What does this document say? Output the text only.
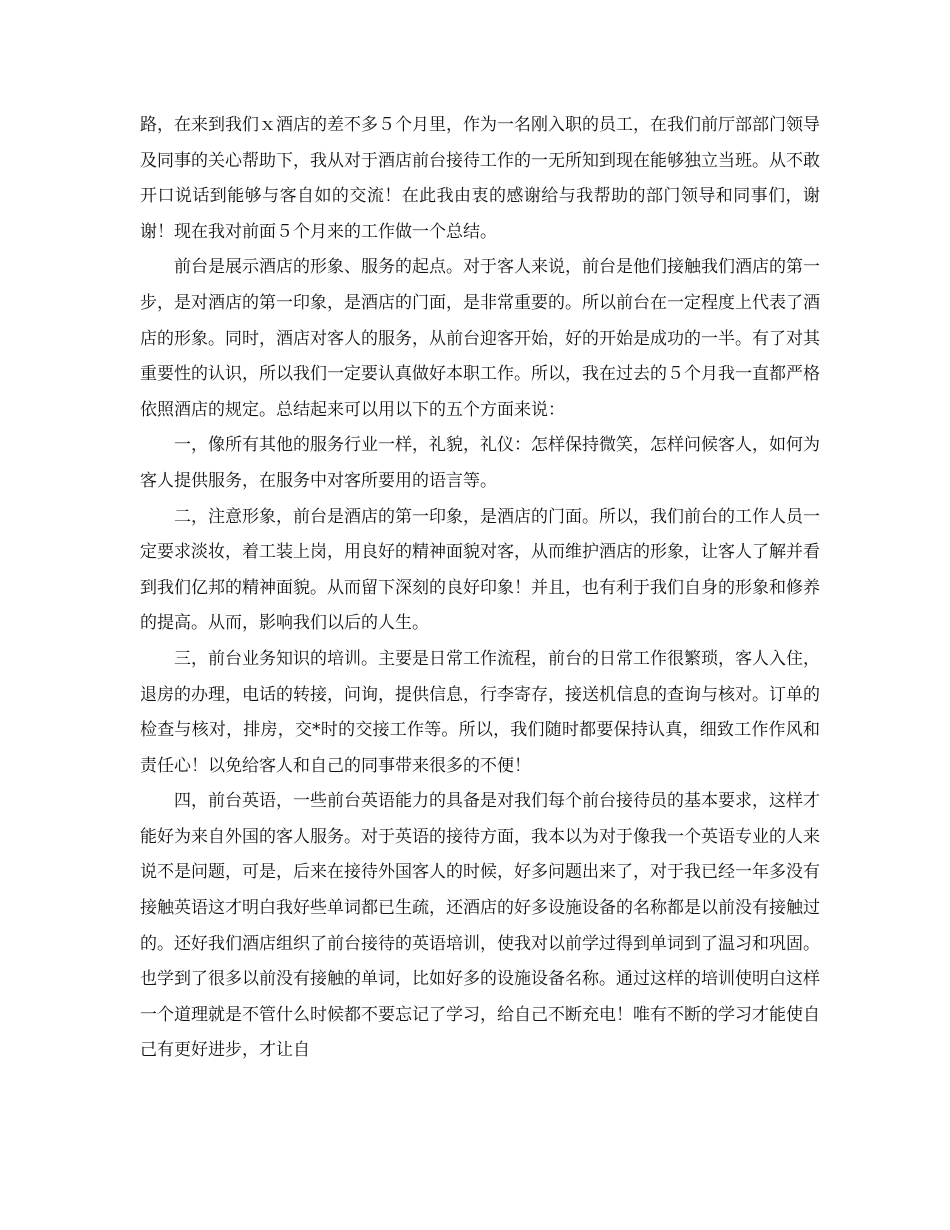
路，在来到我们ｘ酒店的差不多５个月里，作为一名刚入职的员工，在我们前厅部部门领导及同事的关心帮助下，我从对于酒店前台接待工作的一无所知到现在能够独立当班。从不敢开口说话到能够与客自如的交流！在此我由衷的感谢给与我帮助的部门领导和同事们，谢谢！现在我对前面５个月来的工作做一个总结。

前台是展示酒店的形象、服务的起点。对于客人来说，前台是他们接触我们酒店的第一步，是对酒店的第一印象，是酒店的门面，是非常重要的。所以前台在一定程度上代表了酒店的形象。同时，酒店对客人的服务，从前台迎客开始，好的开始是成功的一半。有了对其重要性的认识，所以我们一定要认真做好本职工作。所以，我在过去的５个月我一直都严格依照酒店的规定。总结起来可以用以下的五个方面来说：

一，像所有其他的服务行业一样，礼貌，礼仪：怎样保持微笑，怎样问候客人，如何为客人提供服务，在服务中对客所要用的语言等。

二，注意形象，前台是酒店的第一印象，是酒店的门面。所以，我们前台的工作人员一定要求淡妆，着工装上岗，用良好的精神面貌对客，从而维护酒店的形象，让客人了解并看到我们亿邦的精神面貌。从而留下深刻的良好印象！并且，也有利于我们自身的形象和修养的提高。从而，影响我们以后的人生。

三，前台业务知识的培训。主要是日常工作流程，前台的日常工作很繁琐，客人入住，退房的办理，电话的转接，问询，提供信息，行李寄存，接送机信息的查询与核对。订单的检查与核对，排房，交*时的交接工作等。所以，我们随时都要保持认真，细致工作作风和责任心！以免给客人和自己的同事带来很多的不便！

四，前台英语，一些前台英语能力的具备是对我们每个前台接待员的基本要求，这样才能好为来自外国的客人服务。对于英语的接待方面，我本以为对于像我一个英语专业的人来说不是问题，可是，后来在接待外国客人的时候，好多问题出来了，对于我已经一年多没有接触英语这才明白我好些单词都已生疏，还酒店的好多设施设备的名称都是以前没有接触过的。还好我们酒店组织了前台接待的英语培训，使我对以前学过得到单词到了温习和巩固。也学到了很多以前没有接触的单词，比如好多的设施设备名称。通过这样的培训使明白这样一个道理就是不管什么时候都不要忘记了学习，给自己不断充电！唯有不断的学习才能使自己有更好进步，才让自
